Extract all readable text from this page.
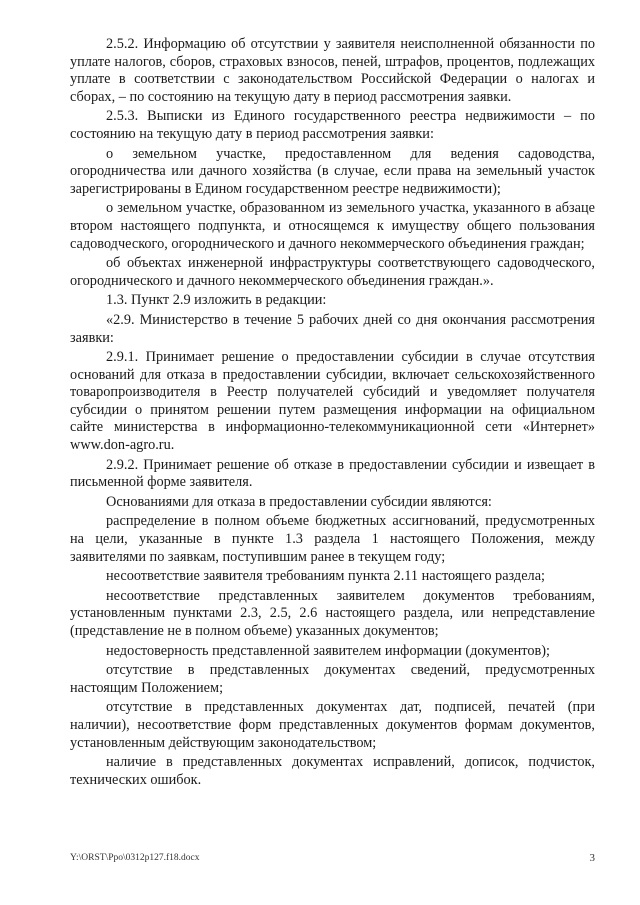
2.5.2. Информацию об отсутствии у заявителя неисполненной обязанности по уплате налогов, сборов, страховых взносов, пеней, штрафов, процентов, подлежащих уплате в соответствии с законодательством Российской Федерации о налогах и сборах, – по состоянию на текущую дату в период рассмотрения заявки.

2.5.3. Выписки из Единого государственного реестра недвижимости – по состоянию на текущую дату в период рассмотрения заявки:

о земельном участке, предоставленном для ведения садоводства, огородничества или дачного хозяйства (в случае, если права на земельный участок зарегистрированы в Едином государственном реестре недвижимости);

о земельном участке, образованном из земельного участка, указанного в абзаце втором настоящего подпункта, и относящемся к имуществу общего пользования садоводческого, огороднического и дачного некоммерческого объединения граждан;

об объектах инженерной инфраструктуры соответствующего садоводческого, огороднического и дачного некоммерческого объединения граждан.».

1.3. Пункт 2.9 изложить в редакции:

«2.9. Министерство в течение 5 рабочих дней со дня окончания рассмотрения заявки:

2.9.1. Принимает решение о предоставлении субсидии в случае отсутствия оснований для отказа в предоставлении субсидии, включает сельскохозяйственного товаропроизводителя в Реестр получателей субсидий и уведомляет получателя субсидии о принятом решении путем размещения информации на официальном сайте министерства в информационно-телекоммуникационной сети «Интернет» www.don-agro.ru.

2.9.2. Принимает решение об отказе в предоставлении субсидии и извещает в письменной форме заявителя.

Основаниями для отказа в предоставлении субсидии являются:

распределение в полном объеме бюджетных ассигнований, предусмотренных на цели, указанные в пункте 1.3 раздела 1 настоящего Положения, между заявителями по заявкам, поступившим ранее в текущем году;

несоответствие заявителя требованиям пункта 2.11 настоящего раздела;

несоответствие представленных заявителем документов требованиям, установленным пунктами 2.3, 2.5, 2.6 настоящего раздела, или непредставление (представление не в полном объеме) указанных документов;

недостоверность представленной заявителем информации (документов);

отсутствие в представленных документах сведений, предусмотренных настоящим Положением;

отсутствие в представленных документах дат, подписей, печатей (при наличии), несоответствие форм представленных документов формам документов, установленным действующим законодательством;

наличие в представленных документах исправлений, дописок, подчисток, технических ошибок.

Y:\ORST\Ppo\0312p127.f18.docx	3
